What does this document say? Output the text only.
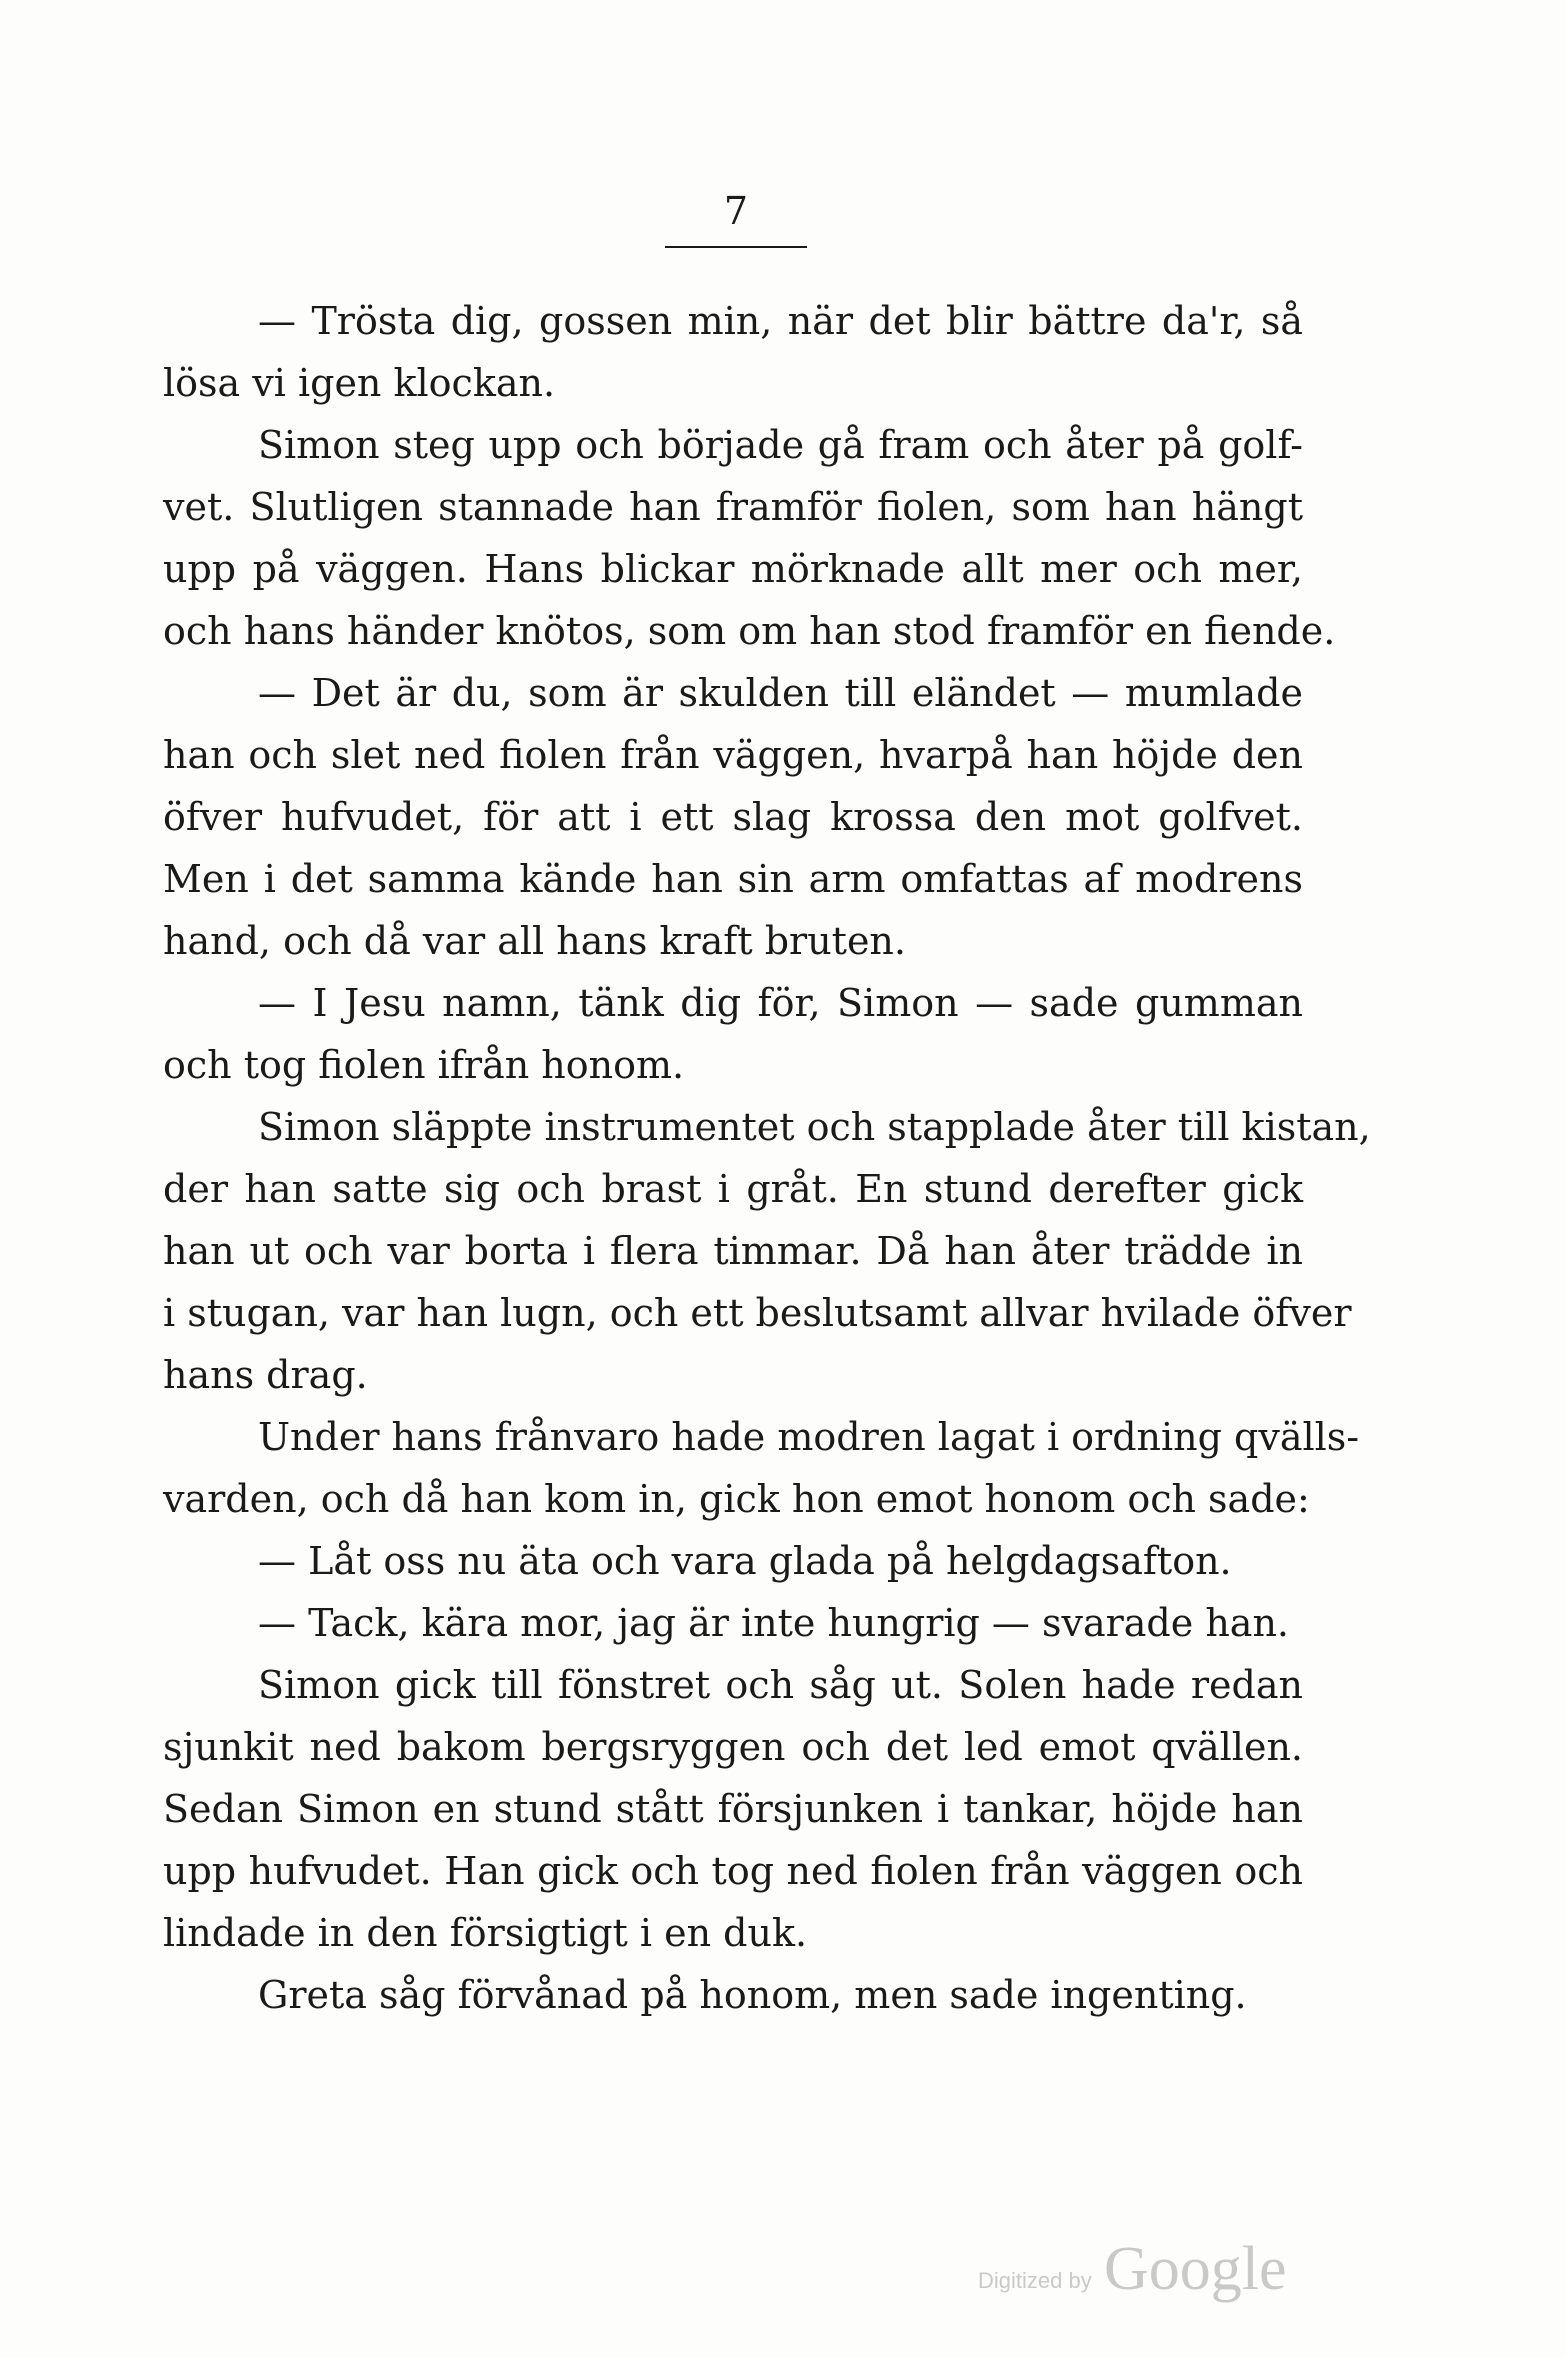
7
— Tröstа dig, gossen min, när det blir bättre da'r, så
lösa vi igen klockan.
Simon steg upp och började gå fram och åter på golf-
vet. Slutligen stannade han framför fiolen, som han hängt
upp på väggen. Hans blickar mörknade allt mer och mer,
och hans händer knötos, som om han stod framför en fiende.
— Det är du, som är skulden till eländet — mumlade
han och slet ned fiolen från väggen, hvarpå han höjde den
öfver hufvudet, för att i ett slag krossa den mot golfvet.
Men i det samma kände han sin arm omfattas af modrens
hand, och då var all hans kraft bruten.
— I Jesu namn, tänk dig för, Simon — sade gumman
och tog fiolen ifrån honom.
Simon släppte instrumentet och stapplade åter till kistan,
der han satte sig och brast i gråt. En stund derefter gick
han ut och var borta i flera timmar. Då han åter trädde in
i stugan, var han lugn, och ett beslutsamt allvar hvilade öfver
hans drag.
Under hans frånvaro hade modren lagat i ordning qvälls-
varden, och då han kom in, gick hon emot honom och sade:
— Låt oss nu äta och vara glada på helgdagsafton.
— Tack, kära mor, jag är inte hungrig — svarade han.
Simon gick till fönstret och såg ut. Solen hade redan
sjunkit ned bakom bergsryggen och det led emot qvällen.
Sedan Simon en stund stått försjunken i tankar, höjde han
upp hufvudet. Han gick och tog ned fiolen från väggen och
lindade in den försigtigt i en duk.
Greta såg förvånad på honom, men sade ingenting.
Digitized by Google
